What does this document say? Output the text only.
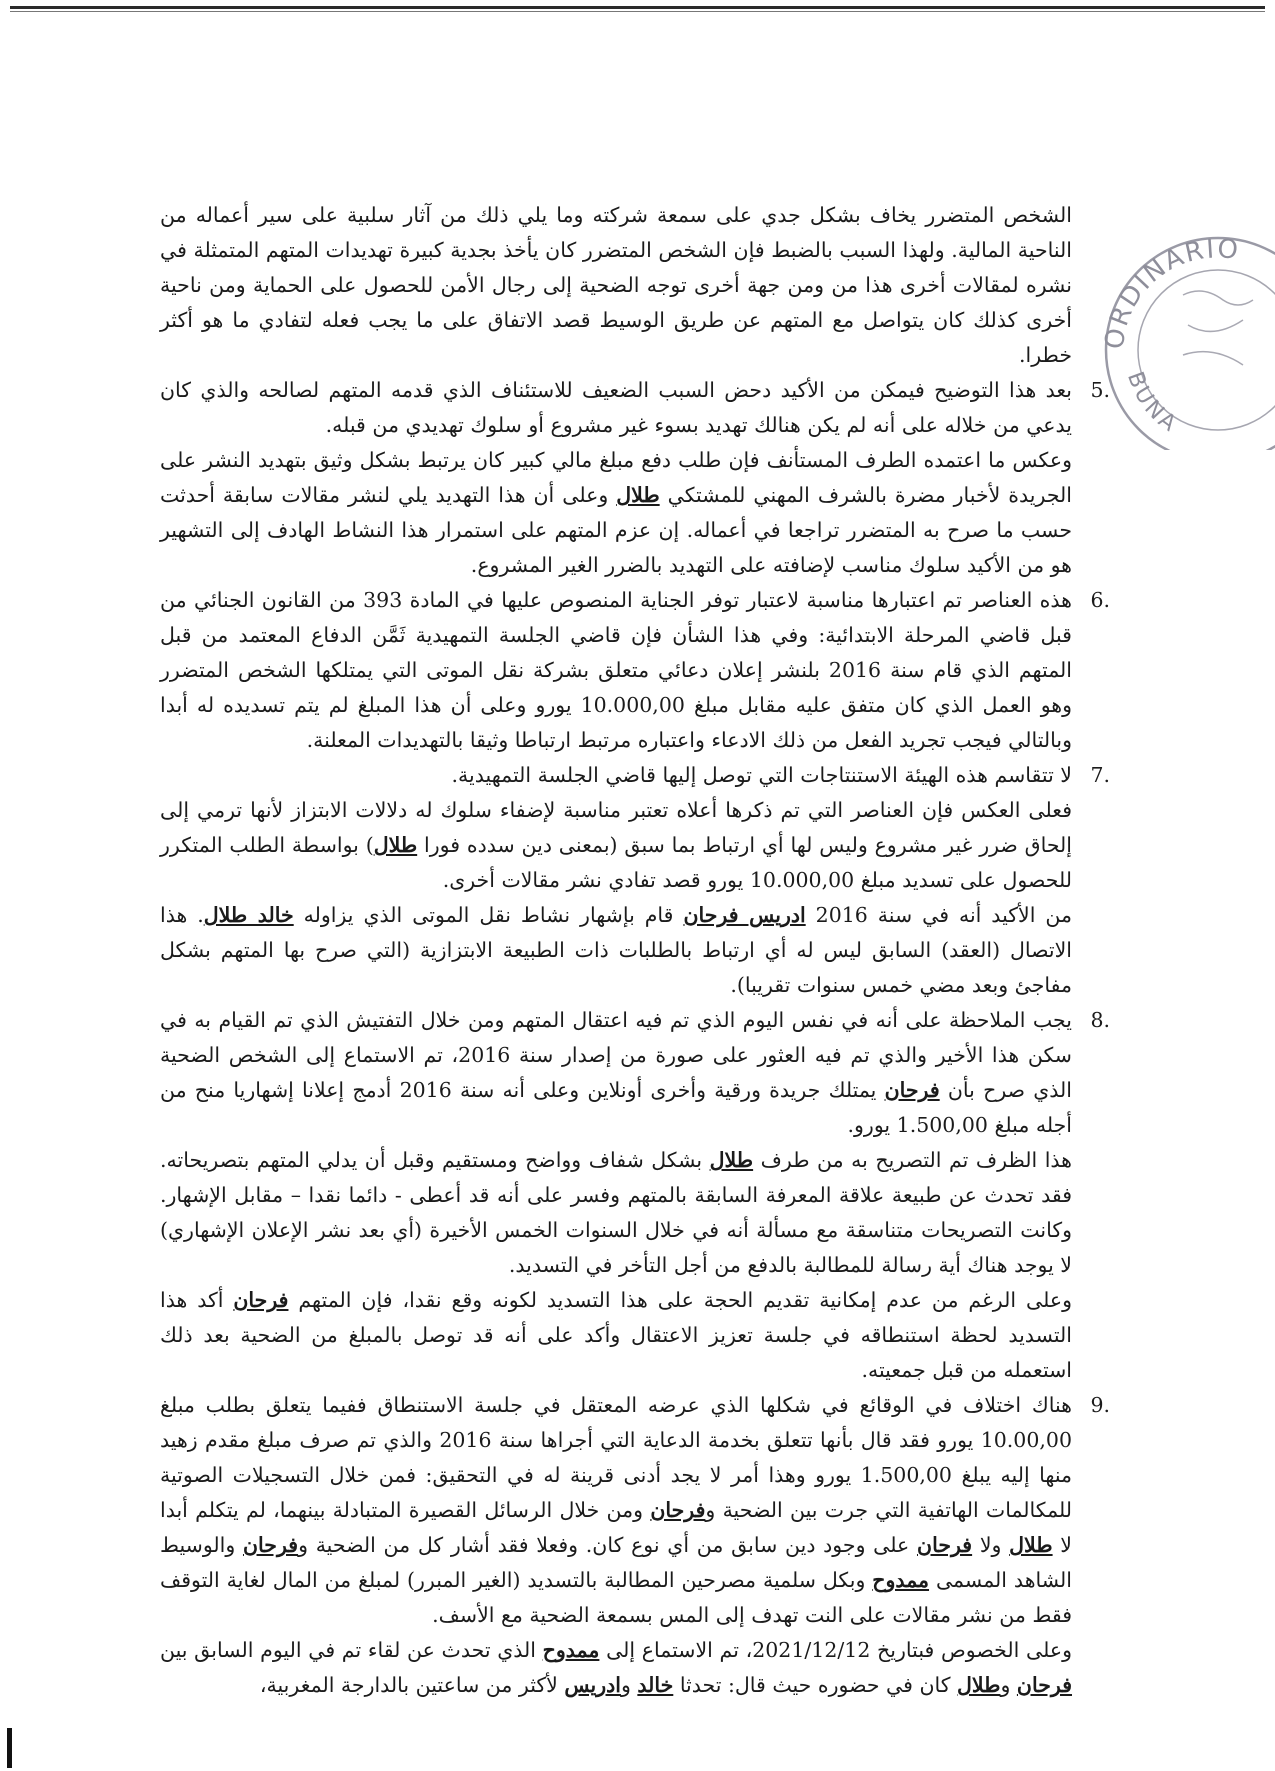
ORDINARIO
BUNA
الشخص المتضرر يخاف بشكل جدي على سمعة شركته وما يلي ذلك من آثار سلبية على سير أعماله من الناحية المالية. ولهذا السبب بالضبط فإن الشخص المتضرر كان يأخذ بجدية كبيرة تهديدات المتهم المتمثلة في نشره لمقالات أخرى هذا من ومن جهة أخرى توجه الضحية إلى رجال الأمن للحصول على الحماية ومن ناحية أخرى كذلك كان يتواصل مع المتهم عن طريق الوسيط قصد الاتفاق على ما يجب فعله لتفادي ما هو أكثر خطرا.
5.
بعد هذا التوضيح فيمكن من الأكيد دحض السبب الضعيف للاستئناف الذي قدمه المتهم لصالحه والذي كان يدعي من خلاله على أنه لم يكن هنالك تهديد بسوء غير مشروع أو سلوك تهديدي من قبله.
وعكس ما اعتمده الطرف المستأنف فإن طلب دفع مبلغ مالي كبير كان يرتبط بشكل وثيق بتهديد النشر على الجريدة لأخبار مضرة بالشرف المهني للمشتكي طلال وعلى أن هذا التهديد يلي لنشر مقالات سابقة أحدثت حسب ما صرح به المتضرر تراجعا في أعماله. إن عزم المتهم على استمرار هذا النشاط الهادف إلى التشهير هو من الأكيد سلوك مناسب لإضافته على التهديد بالضرر الغير المشروع.
6.
هذه العناصر تم اعتبارها مناسبة لاعتبار توفر الجناية المنصوص عليها في المادة 393 من القانون الجنائي من قبل قاضي المرحلة الابتدائية: وفي هذا الشأن فإن قاضي الجلسة التمهيدية ثَمَّن الدفاع المعتمد من قبل المتهم الذي قام سنة 2016 بلنشر إعلان دعائي متعلق بشركة نقل الموتى التي يمتلكها الشخص المتضرر وهو العمل الذي كان متفق عليه مقابل مبلغ 10.000,00 يورو وعلى أن هذا المبلغ لم يتم تسديده له أبدا وبالتالي فيجب تجريد الفعل من ذلك الادعاء واعتباره مرتبط ارتباطا وثيقا بالتهديدات المعلنة.
7.
لا تتقاسم هذه الهيئة الاستنتاجات التي توصل إليها قاضي الجلسة التمهيدية.
فعلى العكس فإن العناصر التي تم ذكرها أعلاه تعتبر مناسبة لإضفاء سلوك له دلالات الابتزاز لأنها ترمي إلى إلحاق ضرر غير مشروع وليس لها أي ارتباط بما سبق (بمعنى دين سدده فورا طلال) بواسطة الطلب المتكرر للحصول على تسديد مبلغ 10.000,00 يورو قصد تفادي نشر مقالات أخرى.
من الأكيد أنه في سنة 2016 ادريس فرحان قام بإشهار نشاط نقل الموتى الذي يزاوله خالد طلال. هذا الاتصال (العقد) السابق ليس له أي ارتباط بالطلبات ذات الطبيعة الابتزازية (التي صرح بها المتهم بشكل مفاجئ وبعد مضي خمس سنوات تقريبا).
8.
يجب الملاحظة على أنه في نفس اليوم الذي تم فيه اعتقال المتهم ومن خلال التفتيش الذي تم القيام به في سكن هذا الأخير والذي تم فيه العثور على صورة من إصدار سنة 2016، تم الاستماع إلى الشخص الضحية الذي صرح بأن فرحان يمتلك جريدة ورقية وأخرى أونلاين وعلى أنه سنة 2016 أدمج إعلانا إشهاريا منح من أجله مبلغ 1.500,00 يورو.
هذا الظرف تم التصريح به من طرف طلال بشكل شفاف وواضح ومستقيم وقبل أن يدلي المتهم بتصريحاته. فقد تحدث عن طبيعة علاقة المعرفة السابقة بالمتهم وفسر على أنه قد أعطى - دائما نقدا – مقابل الإشهار. وكانت التصريحات متناسقة مع مسألة أنه في خلال السنوات الخمس الأخيرة (أي بعد نشر الإعلان الإشهاري) لا يوجد هناك أية رسالة للمطالبة بالدفع من أجل التأخر في التسديد.
وعلى الرغم من عدم إمكانية تقديم الحجة على هذا التسديد لكونه وقع نقدا، فإن المتهم فرحان أكد هذا التسديد لحظة استنطاقه في جلسة تعزيز الاعتقال وأكد على أنه قد توصل بالمبلغ من الضحية بعد ذلك استعمله من قبل جمعيته.
9.
هناك اختلاف في الوقائع في شكلها الذي عرضه المعتقل في جلسة الاستنطاق ففيما يتعلق بطلب مبلغ 10.00,00 يورو فقد قال بأنها تتعلق بخدمة الدعاية التي أجراها سنة 2016 والذي تم صرف مبلغ مقدم زهيد منها إليه يبلغ 1.500,00 يورو وهذا أمر لا يجد أدنى قرينة له في التحقيق: فمن خلال التسجيلات الصوتية للمكالمات الهاتفية التي جرت بين الضحية وفرحان ومن خلال الرسائل القصيرة المتبادلة بينهما، لم يتكلم أبدا لا طلال ولا فرحان على وجود دين سابق من أي نوع كان. وفعلا فقد أشار كل من الضحية وفرحان والوسيط الشاهد المسمى ممدوح وبكل سلمية مصرحين المطالبة بالتسديد (الغير المبرر) لمبلغ من المال لغاية التوقف فقط من نشر مقالات على النت تهدف إلى المس بسمعة الضحية مع الأسف.
وعلى الخصوص فبتاريخ 2021/12/12، تم الاستماع إلى ممدوح الذي تحدث عن لقاء تم في اليوم السابق بين فرحان وطلال كان في حضوره حيث قال: تحدثا خالد وادريس لأكثر من ساعتين بالدارجة المغربية،
